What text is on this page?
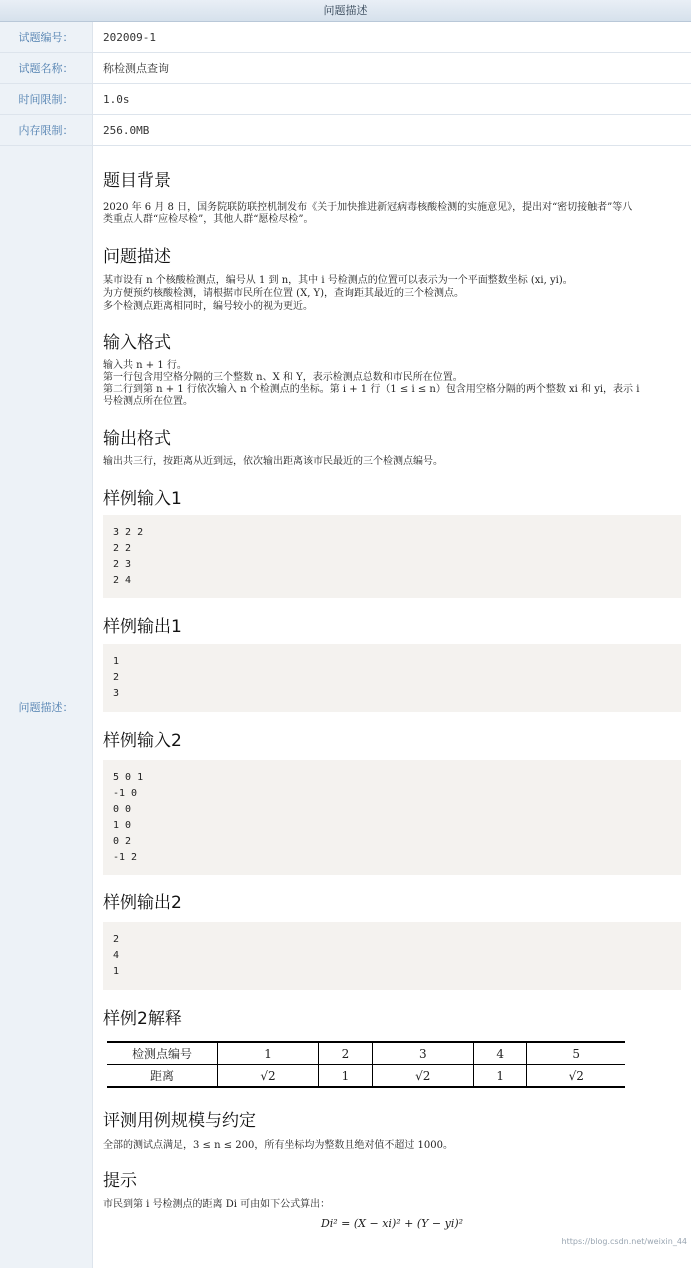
问题描述
试题编号：	202009-1
试题名称：	称检测点查询
时间限制：	1.0s
内存限制：	256.0MB
问题描述：
题目背景

2020 年 6 月 8 日，国务院联防联控机制发布《关于加快推进新冠病毒核酸检测的实施意见》，提出对“密切接触者”等八

类重点人群“应检尽检”，其他人群“愿检尽检”。

问题描述

某市设有 n 个核酸检测点，编号从 1 到 n，其中 i 号检测点的位置可以表示为一个平面整数坐标 (xi, yi)。

为方便预约核酸检测，请根据市民所在位置 (X, Y)，查询距其最近的三个检测点。

多个检测点距离相同时，编号较小的视为更近。

输入格式

输入共 n + 1 行。

第一行包含用空格分隔的三个整数 n、X 和 Y，表示检测点总数和市民所在位置。

第二行到第 n + 1 行依次输入 n 个检测点的坐标。第 i + 1 行（1 ≤ i ≤ n）包含用空格分隔的两个整数 xi 和 yi，表示 i

号检测点所在位置。

输出格式

输出共三行，按距离从近到远，依次输出距离该市民最近的三个检测点编号。

样例输入1
3 2 2
2 2
2 3
2 4
样例输出1
1
2
3
样例输入2
5 0 1
-1 0
0 0
1 0
0 2
-1 2
样例输出2
2
4
1
样例2解释
检测点编号	1	2	3	4	5
距离	√2	1	√2	1	√2
评测用例规模与约定

全部的测试点满足，3 ≤ n ≤ 200，所有坐标均为整数且绝对值不超过 1000。

提示

市民到第 i 号检测点的距离 Di 可由如下公式算出：

Di² = (X − xi)² + (Y − yi)²
https://blog.csdn.net/weixin_44
